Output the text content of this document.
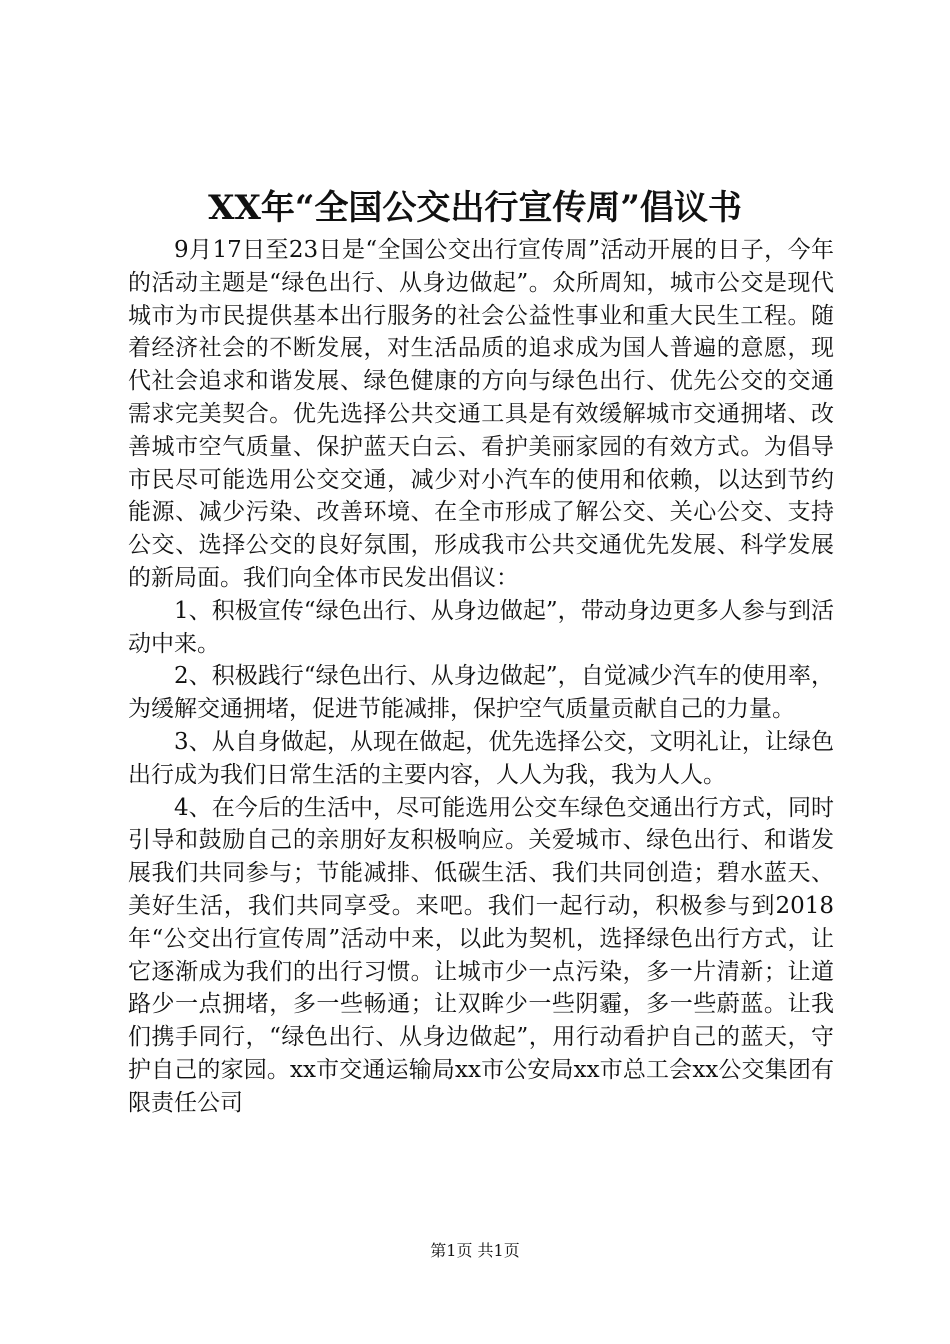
XX年“全国公交出行宣传周”倡议书

9月17日至23日是“全国公交出行宣传周”活动开展的日子，今年的活动主题是“绿色出行、从身边做起”。众所周知，城市公交是现代城市为市民提供基本出行服务的社会公益性事业和重大民生工程。随着经济社会的不断发展，对生活品质的追求成为国人普遍的意愿，现代社会追求和谐发展、绿色健康的方向与绿色出行、优先公交的交通需求完美契合。优先选择公共交通工具是有效缓解城市交通拥堵、改善城市空气质量、保护蓝天白云、看护美丽家园的有效方式。为倡导市民尽可能选用公交交通，减少对小汽车的使用和依赖，以达到节约能源、减少污染、改善环境、在全市形成了解公交、关心公交、支持公交、选择公交的良好氛围，形成我市公共交通优先发展、科学发展的新局面。我们向全体市民发出倡议：

1、积极宣传“绿色出行、从身边做起”，带动身边更多人参与到活动中来。

2、积极践行“绿色出行、从身边做起”，自觉减少汽车的使用率，为缓解交通拥堵，促进节能减排，保护空气质量贡献自己的力量。

3、从自身做起，从现在做起，优先选择公交，文明礼让，让绿色出行成为我们日常生活的主要内容，人人为我，我为人人。

4、在今后的生活中，尽可能选用公交车绿色交通出行方式，同时引导和鼓励自己的亲朋好友积极响应。关爱城市、绿色出行、和谐发展我们共同参与；节能减排、低碳生活、我们共同创造；碧水蓝天、美好生活，我们共同享受。来吧。我们一起行动，积极参与到2018年“公交出行宣传周”活动中来，以此为契机，选择绿色出行方式，让它逐渐成为我们的出行习惯。让城市少一点污染，多一片清新；让道路少一点拥堵，多一些畅通；让双眸少一些阴霾，多一些蔚蓝。让我们携手同行，“绿色出行、从身边做起”，用行动看护自己的蓝天，守护自己的家园。xx市交通运输局xx市公安局xx市总工会xx公交集团有限责任公司

第1页 共1页
